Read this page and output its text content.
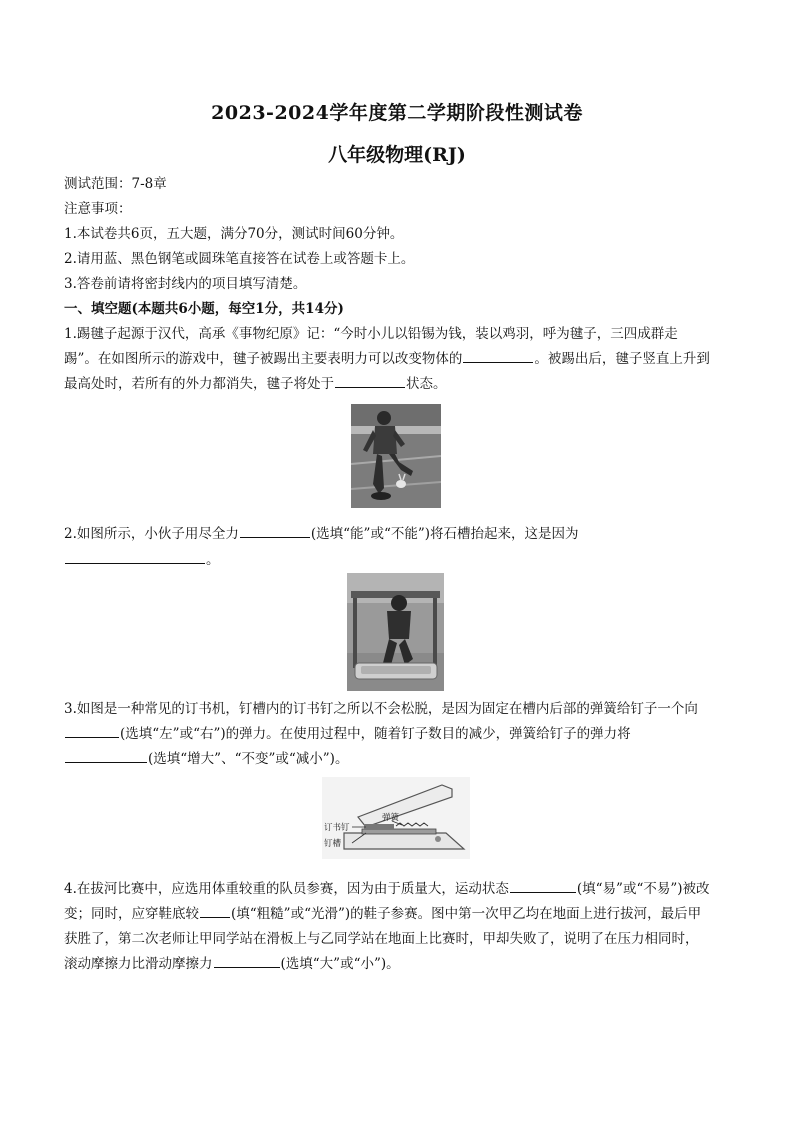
2023-2024学年度第二学期阶段性测试卷
八年级物理(RJ)
测试范围：7-8章
注意事项：
1.本试卷共6页，五大题，满分70分，测试时间60分钟。
2.请用蓝、黑色钢笔或圆珠笔直接答在试卷上或答题卡上。
3.答卷前请将密封线内的项目填写清楚。
一、填空题(本题共6小题，每空1分，共14分)
1.踢毽子起源于汉代，高承《事物纪原》记：“今时小儿以铅锡为钱，装以鸡羽，呼为毽子，三四成群走
踢”。在如图所示的游戏中，毽子被踢出主要表明力可以改变物体的	。被踢出后，毽子竖直上升到
最高处时，若所有的外力都消失，毽子将处于	状态。
2.如图所示，小伙子用尽全力	(选填“能”或“不能”)将石槽抬起来，这是因为
。
3.如图是一种常见的订书机，钉槽内的订书钉之所以不会松脱，是因为固定在槽内后部的弹簧给钉子一个向
(选填“左”或“右”)的弹力。在使用过程中，随着钉子数目的减少，弹簧给钉子的弹力将
(选填“增大”、“不变”或“减小”)。
订书钉
弹簧
钉槽
4.在拔河比赛中，应选用体重较重的队员参赛，因为由于质量大，运动状态	(填“易”或“不易”)被改
变；同时，应穿鞋底较 (填“粗糙”或“光滑”)的鞋子参赛。图中第一次甲乙均在地面上进行拔河，最后甲
获胜了，第二次老师让甲同学站在滑板上与乙同学站在地面上比赛时，甲却失败了，说明了在压力相同时，
滚动摩擦力比滑动摩擦力	(选填“大”或“小”)。
